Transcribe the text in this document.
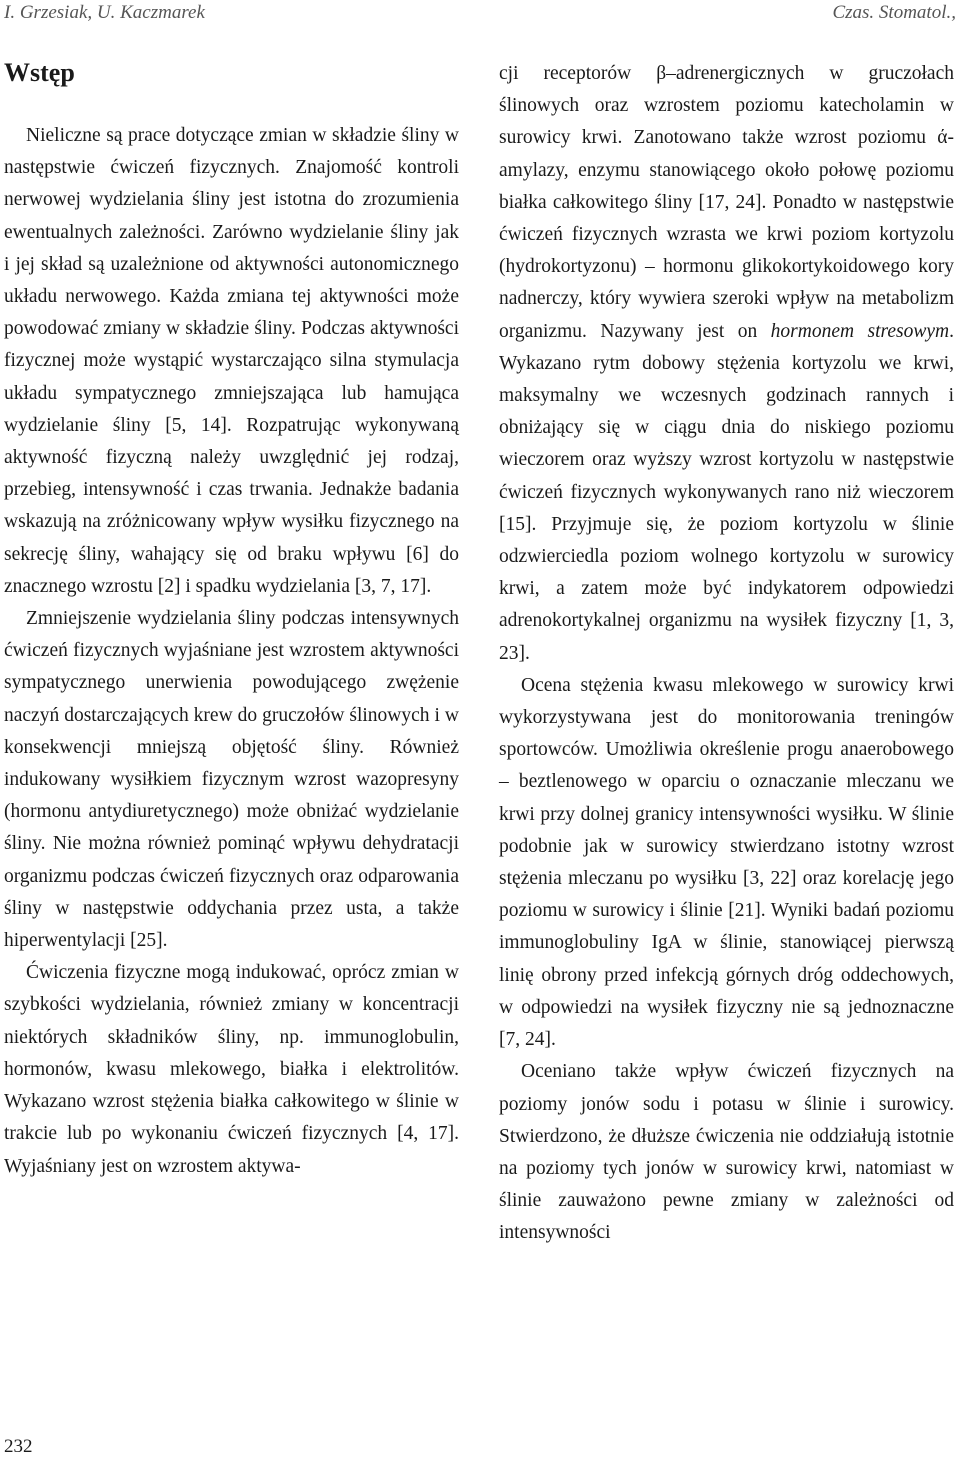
I. Grzesiak, U. Kaczmarek	Czas. Stomatol.,
Wstęp

Nieliczne są prace dotyczące zmian w składzie śliny w następstwie ćwiczeń fizycznych. Znajomość kontroli nerwowej wydzielania śliny jest istotna do zrozumienia ewentualnych zależności. Zarówno wydzielanie śliny jak i jej skład są uzależnione od aktywności autonomicznego układu nerwowego. Każda zmiana tej aktywności może powodować zmiany w składzie śliny. Podczas aktywności fizycznej może wystąpić wystarczająco silna stymulacja układu sympatycznego zmniejszająca lub hamująca wydzielanie śliny [5, 14]. Rozpatrując wykonywaną aktywność fizyczną należy uwzględnić jej rodzaj, przebieg, intensywność i czas trwania. Jednakże badania wskazują na zróżnicowany wpływ wysiłku fizycznego na sekrecję śliny, wahający się od braku wpływu [6] do znacznego wzrostu [2] i spadku wydzielania [3, 7, 17].

Zmniejszenie wydzielania śliny podczas intensywnych ćwiczeń fizycznych wyjaśniane jest wzrostem aktywności sympatycznego unerwienia powodującego zwężenie naczyń dostarczających krew do gruczołów ślinowych i w konsekwencji mniejszą objętość śliny. Również indukowany wysiłkiem fizycznym wzrost wazopresyny (hormonu antydiuretycznego) może obniżać wydzielanie śliny. Nie można również pominąć wpływu dehydratacji organizmu podczas ćwiczeń fizycznych oraz odparowania śliny w następstwie oddychania przez usta, a także hiperwentylacji [25].

Ćwiczenia fizyczne mogą indukować, oprócz zmian w szybkości wydzielania, również zmiany w koncentracji niektórych składników śliny, np. immunoglobulin, hormonów, kwasu mlekowego, białka i elektrolitów. Wykazano wzrost stężenia białka całkowitego w ślinie w trakcie lub po wykonaniu ćwiczeń fizycznych [4, 17]. Wyjaśniany jest on wzrostem aktywa-

cji receptorów β–adrenergicznych w gruczołach ślinowych oraz wzrostem poziomu katecholamin w surowicy krwi. Zanotowano także wzrost poziomu ά-amylazy, enzymu stanowiącego około połowę poziomu białka całkowitego śliny [17, 24]. Ponadto w następstwie ćwiczeń fizycznych wzrasta we krwi poziom kortyzolu (hydrokortyzonu) – hormonu glikokortykoidowego kory nadnerczy, który wywiera szeroki wpływ na metabolizm organizmu. Nazywany jest on hormonem stresowym. Wykazano rytm dobowy stężenia kortyzolu we krwi, maksymalny we wczesnych godzinach rannych i obniżający się w ciągu dnia do niskiego poziomu wieczorem oraz wyższy wzrost kortyzolu w następstwie ćwiczeń fizycznych wykonywanych rano niż wieczorem [15]. Przyjmuje się, że poziom kortyzolu w ślinie odzwierciedla poziom wolnego kortyzolu w surowicy krwi, a zatem może być indykatorem odpowiedzi adrenokortykalnej organizmu na wysiłek fizyczny [1, 3, 23].

Ocena stężenia kwasu mlekowego w surowicy krwi wykorzystywana jest do monitorowania treningów sportowców. Umożliwia określenie progu anaerobowego – beztlenowego w oparciu o oznaczanie mleczanu we krwi przy dolnej granicy intensywności wysiłku. W ślinie podobnie jak w surowicy stwierdzano istotny wzrost stężenia mleczanu po wysiłku [3, 22] oraz korelację jego poziomu w surowicy i ślinie [21]. Wyniki badań poziomu immunoglobuliny IgA w ślinie, stanowiącej pierwszą linię obrony przed infekcją górnych dróg oddechowych, w odpowiedzi na wysiłek fizyczny nie są jednoznaczne [7, 24].

Oceniano także wpływ ćwiczeń fizycznych na poziomy jonów sodu i potasu w ślinie i surowicy. Stwierdzono, że dłuższe ćwiczenia nie oddziałują istotnie na poziomy tych jonów w surowicy krwi, natomiast w ślinie zauważono pewne zmiany w zależności od intensywności

232
